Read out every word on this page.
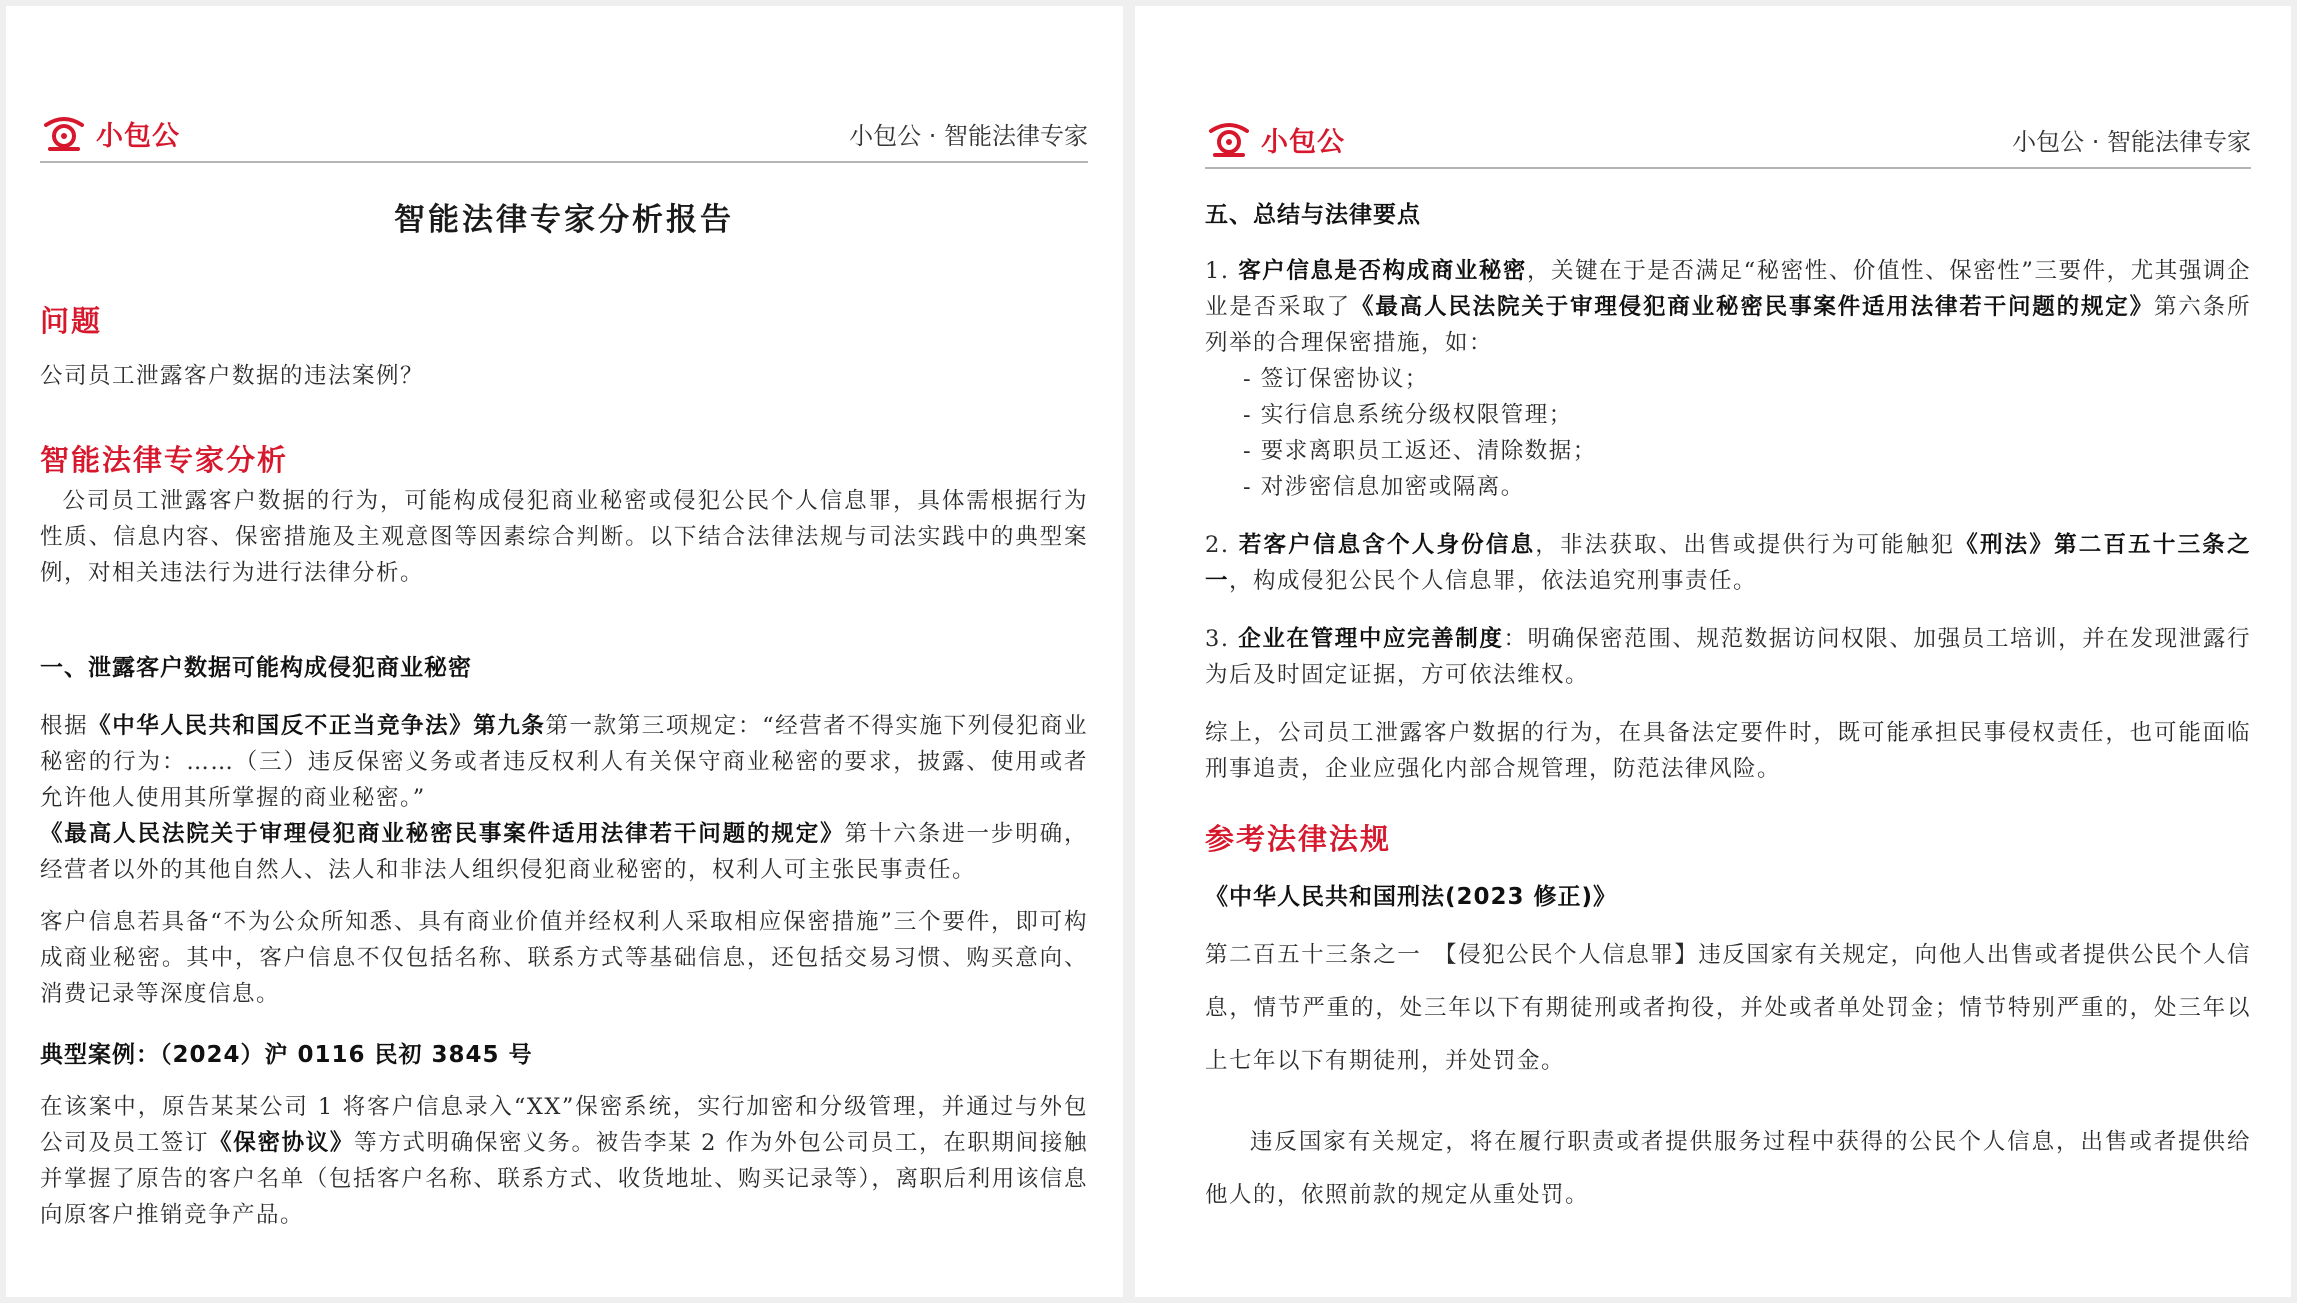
小包公	小包公 · 智能法律专家
智能法律专家分析报告
问题

公司员工泄露客户数据的违法案例？

智能法律专家分析

公司员工泄露客户数据的行为，可能构成侵犯商业秘密或侵犯公民个人信息罪，具体需根据行为性质、信息内容、保密措施及主观意图等因素综合判断。以下结合法律法规与司法实践中的典型案例，对相关违法行为进行法律分析。

一、泄露客户数据可能构成侵犯商业秘密

根据《中华人民共和国反不正当竞争法》第九条第一款第三项规定：“经营者不得实施下列侵犯商业秘密的行为：……（三）违反保密义务或者违反权利人有关保守商业秘密的要求，披露、使用或者允许他人使用其所掌握的商业秘密。”
《最高人民法院关于审理侵犯商业秘密民事案件适用法律若干问题的规定》第十六条进一步明确，经营者以外的其他自然人、法人和非法人组织侵犯商业秘密的，权利人可主张民事责任。

客户信息若具备“不为公众所知悉、具有商业价值并经权利人采取相应保密措施”三个要件，即可构成商业秘密。其中，客户信息不仅包括名称、联系方式等基础信息，还包括交易习惯、购买意向、消费记录等深度信息。

典型案例：（2024）沪 0116 民初 3845 号

在该案中，原告某某公司 1 将客户信息录入“XX”保密系统，实行加密和分级管理，并通过与外包公司及员工签订《保密协议》等方式明确保密义务。被告李某 2 作为外包公司员工，在职期间接触并掌握了原告的客户名单（包括客户名称、联系方式、收货地址、购买记录等），离职后利用该信息向原客户推销竞争产品。

小包公	小包公 · 智能法律专家
五、总结与法律要点

1. 客户信息是否构成商业秘密，关键在于是否满足“秘密性、价值性、保密性”三要件，尤其强调企业是否采取了《最高人民法院关于审理侵犯商业秘密民事案件适用法律若干问题的规定》第六条所列举的合理保密措施，如：

- 签订保密协议；
- 实行信息系统分级权限管理；
- 要求离职员工返还、清除数据；
- 对涉密信息加密或隔离。

2. 若客户信息含个人身份信息，非法获取、出售或提供行为可能触犯《刑法》第二百五十三条之一，构成侵犯公民个人信息罪，依法追究刑事责任。

3. 企业在管理中应完善制度：明确保密范围、规范数据访问权限、加强员工培训，并在发现泄露行为后及时固定证据，方可依法维权。

综上，公司员工泄露客户数据的行为，在具备法定要件时，既可能承担民事侵权责任，也可能面临刑事追责，企业应强化内部合规管理，防范法律风险。

参考法律法规
《中华人民共和国刑法(2023 修正)》

第二百五十三条之一　【侵犯公民个人信息罪】违反国家有关规定，向他人出售或者提供公民个人信息，情节严重的，处三年以下有期徒刑或者拘役，并处或者单处罚金；情节特别严重的，处三年以上七年以下有期徒刑，并处罚金。

违反国家有关规定，将在履行职责或者提供服务过程中获得的公民个人信息，出售或者提供给他人的，依照前款的规定从重处罚。
